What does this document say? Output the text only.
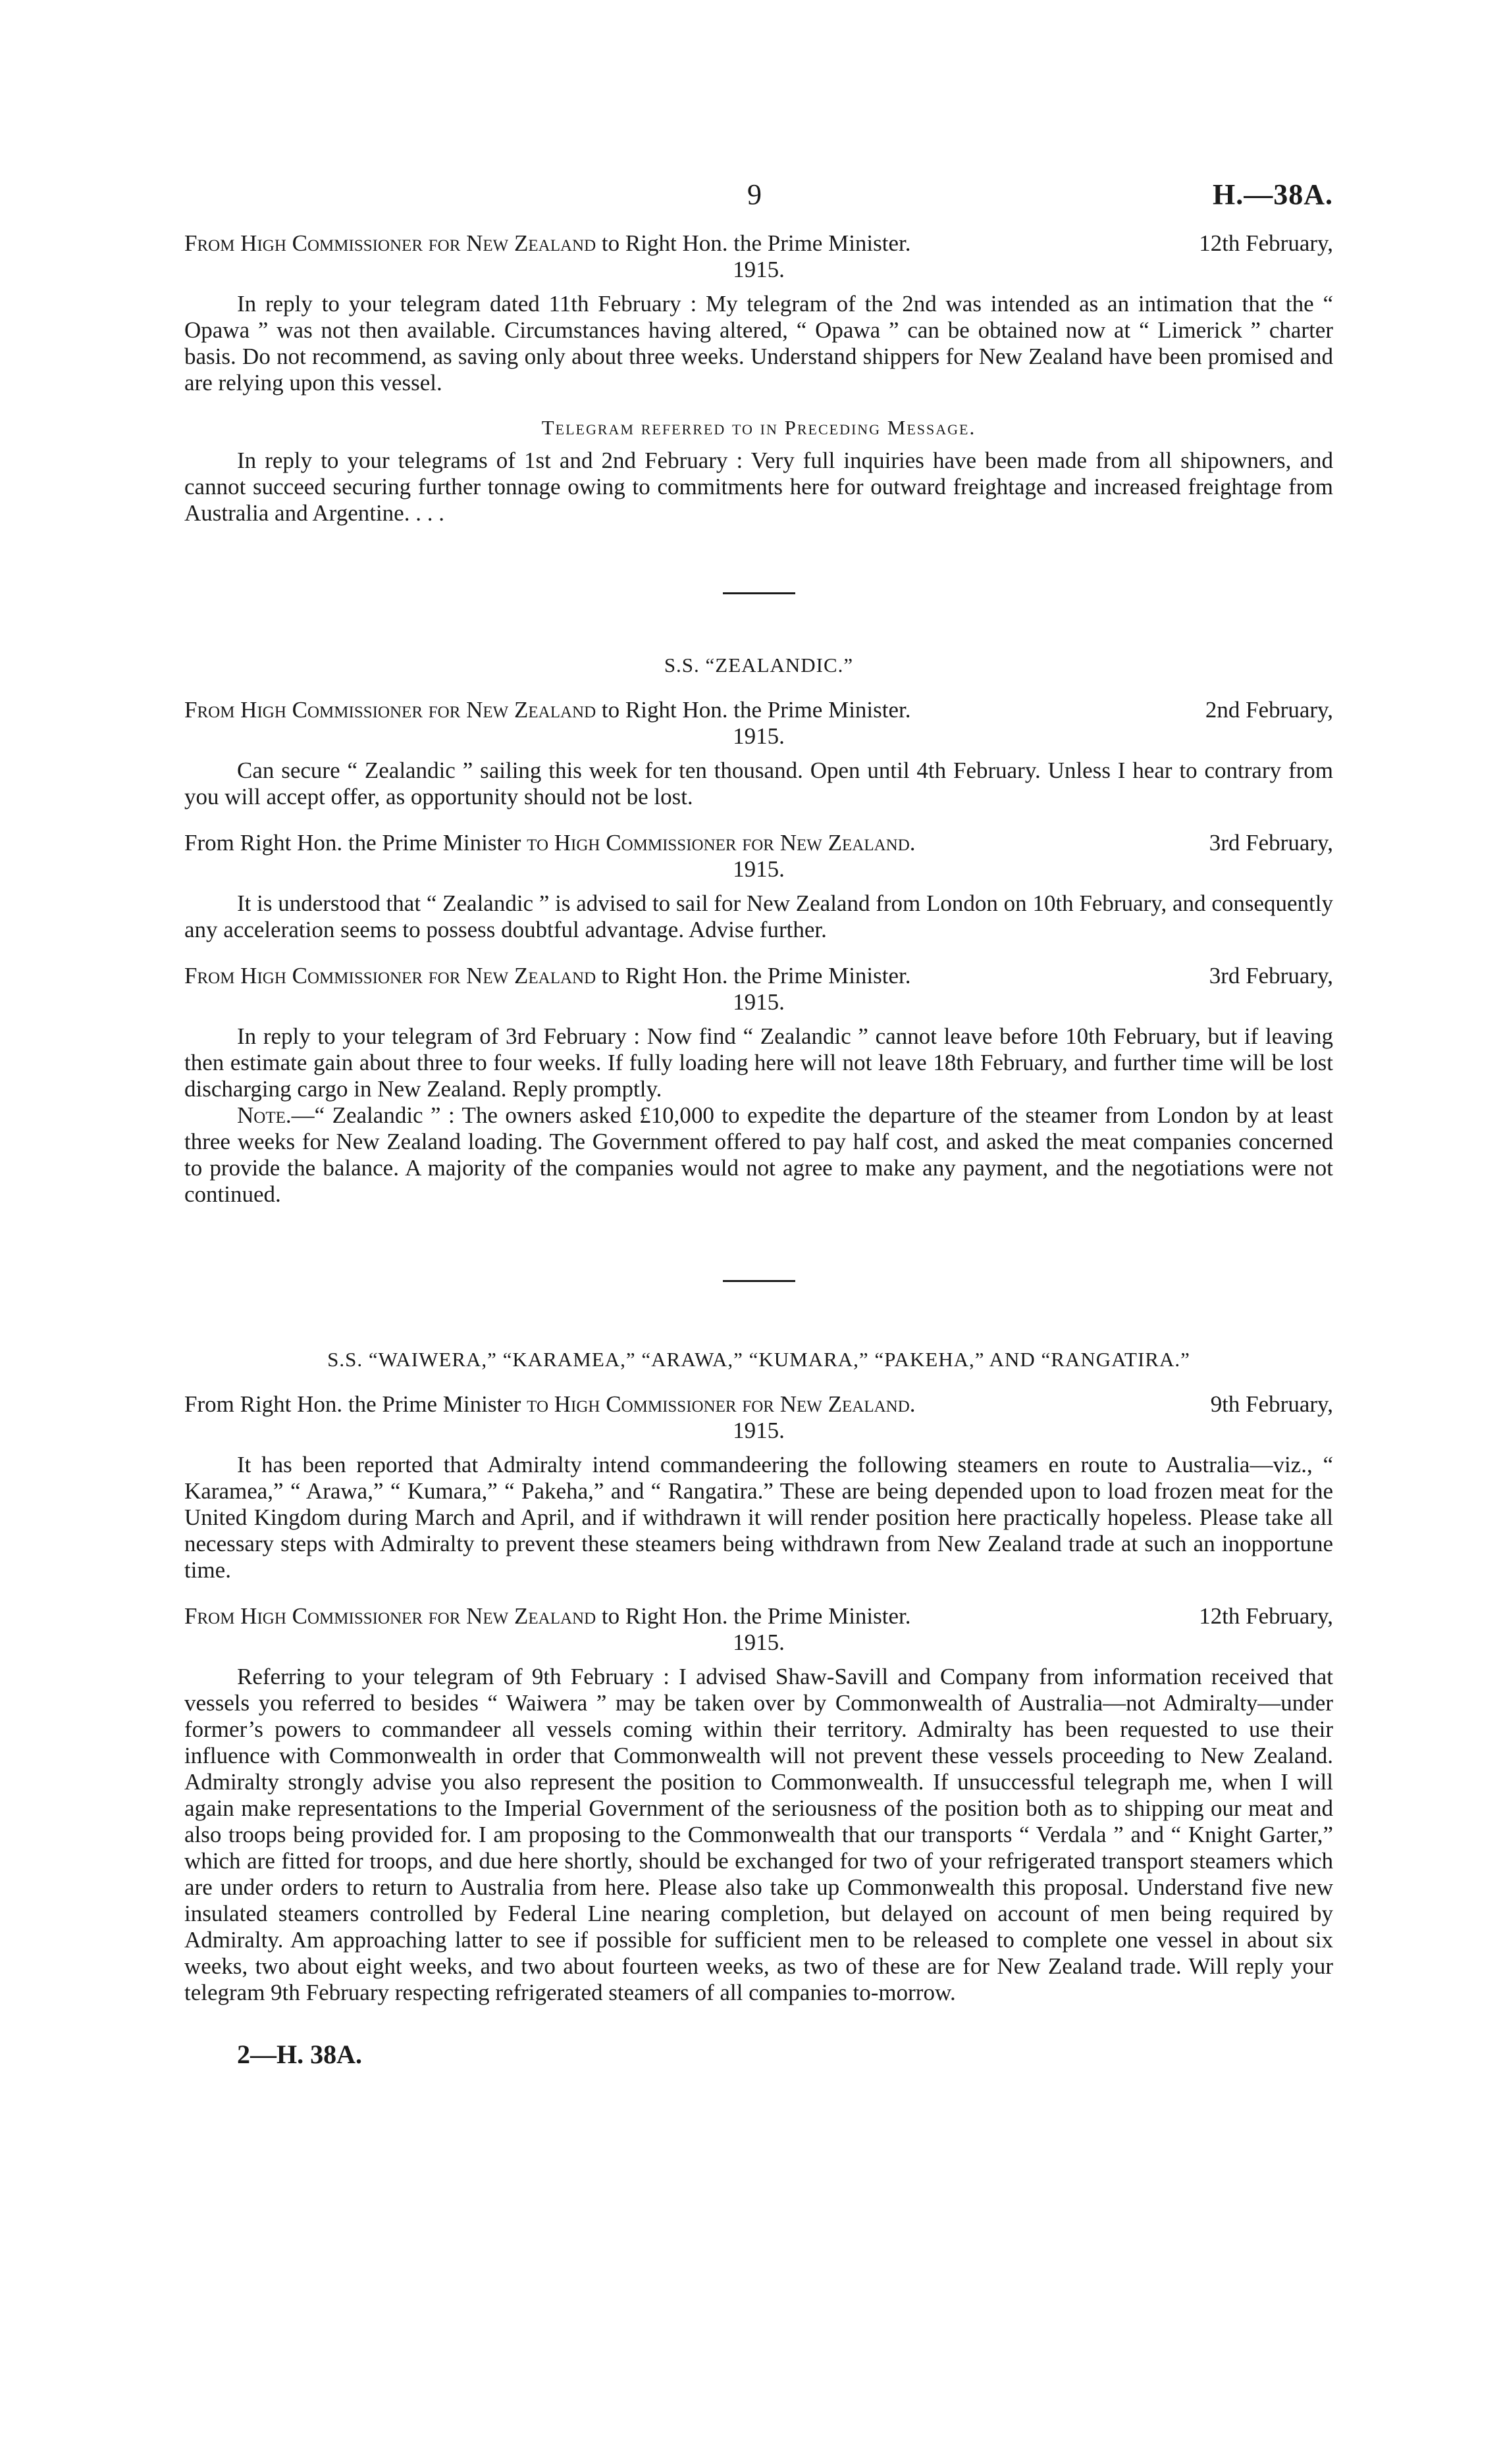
9	H.—38A.
From High Commissioner for New Zealand to Right Hon. the Prime Minister.	12th February,
1915.

In reply to your telegram dated 11th February : My telegram of the 2nd was intended as an intimation that the “ Opawa ” was not then available. Circumstances having altered, “ Opawa ” can be obtained now at “ Limerick ” charter basis. Do not recommend, as saving only about three weeks. Understand shippers for New Zealand have been promised and are relying upon this vessel.

Telegram referred to in Preceding Message.

In reply to your telegrams of 1st and 2nd February : Very full inquiries have been made from all shipowners, and cannot succeed securing further tonnage owing to commitments here for outward freightage and increased freightage from Australia and Argentine. . . .

S.S. “ZEALANDIC.”
From High Commissioner for New Zealand to Right Hon. the Prime Minister.	2nd February,
1915.

Can secure “ Zealandic ” sailing this week for ten thousand. Open until 4th February. Unless I hear to contrary from you will accept offer, as opportunity should not be lost.

From Right Hon. the Prime Minister to High Commissioner for New Zealand.	3rd February,
1915.

It is understood that “ Zealandic ” is advised to sail for New Zealand from London on 10th February, and consequently any acceleration seems to possess doubtful advantage. Advise further.

From High Commissioner for New Zealand to Right Hon. the Prime Minister.	3rd February,
1915.

In reply to your telegram of 3rd February : Now find “ Zealandic ” cannot leave before 10th February, but if leaving then estimate gain about three to four weeks. If fully loading here will not leave 18th February, and further time will be lost discharging cargo in New Zealand. Reply promptly.

Note.—“ Zealandic ” : The owners asked £10,000 to expedite the departure of the steamer from London by at least three weeks for New Zealand loading. The Government offered to pay half cost, and asked the meat companies concerned to provide the balance. A majority of the companies would not agree to make any payment, and the negotiations were not continued.

S.S. “WAIWERA,” “KARAMEA,” “ARAWA,” “KUMARA,” “PAKEHA,” AND “RANGATIRA.”
From Right Hon. the Prime Minister to High Commissioner for New Zealand.	9th February,
1915.

It has been reported that Admiralty intend commandeering the following steamers en route to Australia—viz., “ Karamea,” “ Arawa,” “ Kumara,” “ Pakeha,” and “ Rangatira.” These are being depended upon to load frozen meat for the United Kingdom during March and April, and if withdrawn it will render position here practically hopeless. Please take all necessary steps with Admiralty to prevent these steamers being withdrawn from New Zealand trade at such an inopportune time.

From High Commissioner for New Zealand to Right Hon. the Prime Minister.	12th February,
1915.

Referring to your telegram of 9th February : I advised Shaw-Savill and Company from information received that vessels you referred to besides “ Waiwera ” may be taken over by Commonwealth of Australia—not Admiralty—under former’s powers to commandeer all vessels coming within their territory. Admiralty has been requested to use their influence with Commonwealth in order that Commonwealth will not prevent these vessels proceeding to New Zealand. Admiralty strongly advise you also represent the position to Commonwealth. If unsuccessful telegraph me, when I will again make representations to the Imperial Government of the seriousness of the position both as to shipping our meat and also troops being provided for. I am proposing to the Commonwealth that our transports “ Verdala ” and “ Knight Garter,” which are fitted for troops, and due here shortly, should be exchanged for two of your refrigerated transport steamers which are under orders to return to Australia from here. Please also take up Commonwealth this proposal. Understand five new insulated steamers controlled by Federal Line nearing completion, but delayed on account of men being required by Admiralty. Am approaching latter to see if possible for sufficient men to be released to complete one vessel in about six weeks, two about eight weeks, and two about fourteen weeks, as two of these are for New Zealand trade. Will reply your telegram 9th February respecting refrigerated steamers of all companies to-morrow.

2—H. 38A.
